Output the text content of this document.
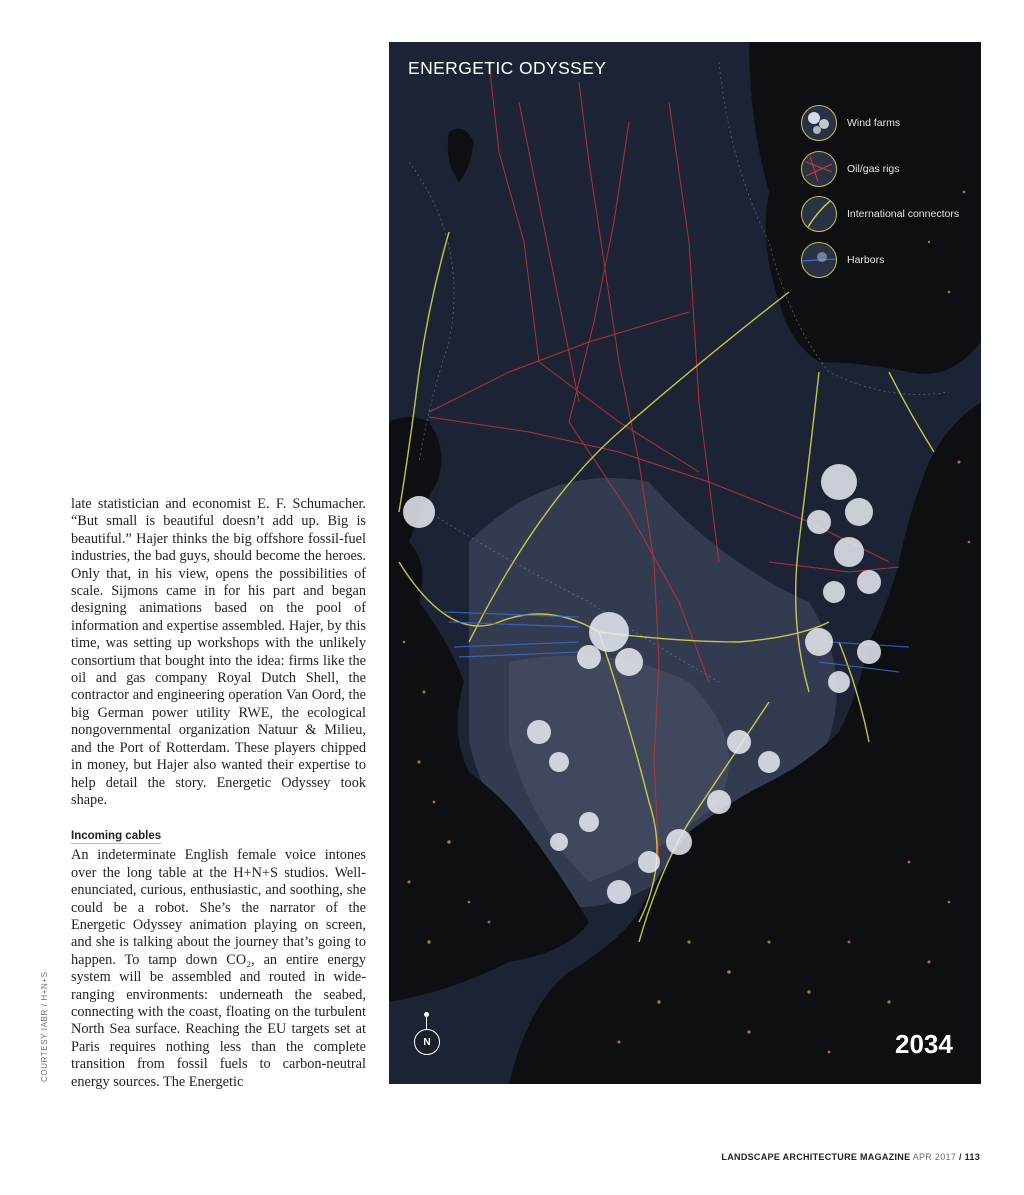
COURTESY IABR / H+N+S

late statistician and economist E. F. Schumacher. “But small is beautiful doesn’t add up. Big is beautiful.” Hajer thinks the big offshore fossil-fuel industries, the bad guys, should become the heroes. Only that, in his view, opens the possibilities of scale. Sijmons came in for his part and began designing animations based on the pool of information and expertise assembled. Hajer, by this time, was setting up workshops with the unlikely consortium that bought into the idea: firms like the oil and gas company Royal Dutch Shell, the contractor and engineering operation Van Oord, the big German power utility RWE, the ecological nongovernmental organization Natuur & Milieu, and the Port of Rotterdam. These players chipped in money, but Hajer also wanted their expertise to help detail the story. Energetic Odyssey took shape.

Incoming cables

An indeterminate English female voice intones over the long table at the H+N+S studios. Well-enunciated, curious, enthusiastic, and soothing, she could be a robot. She’s the narrator of the Energetic Odyssey animation playing on screen, and she is talking about the journey that’s going to happen. To tamp down CO₂, an entire energy system will be assembled and routed in wide-ranging environments: underneath the seabed, connecting with the coast, floating on the turbulent North Sea surface. Reaching the EU targets set at Paris requires nothing less than the complete transition from fossil fuels to carbon-neutral energy sources. The Energetic

ENERGETIC ODYSSEY
Wind farms
Oil/gas rigs
International connectors
Harbors
N	2034
LANDSCAPE ARCHITECTURE MAGAZINE APR 2017 / 113
